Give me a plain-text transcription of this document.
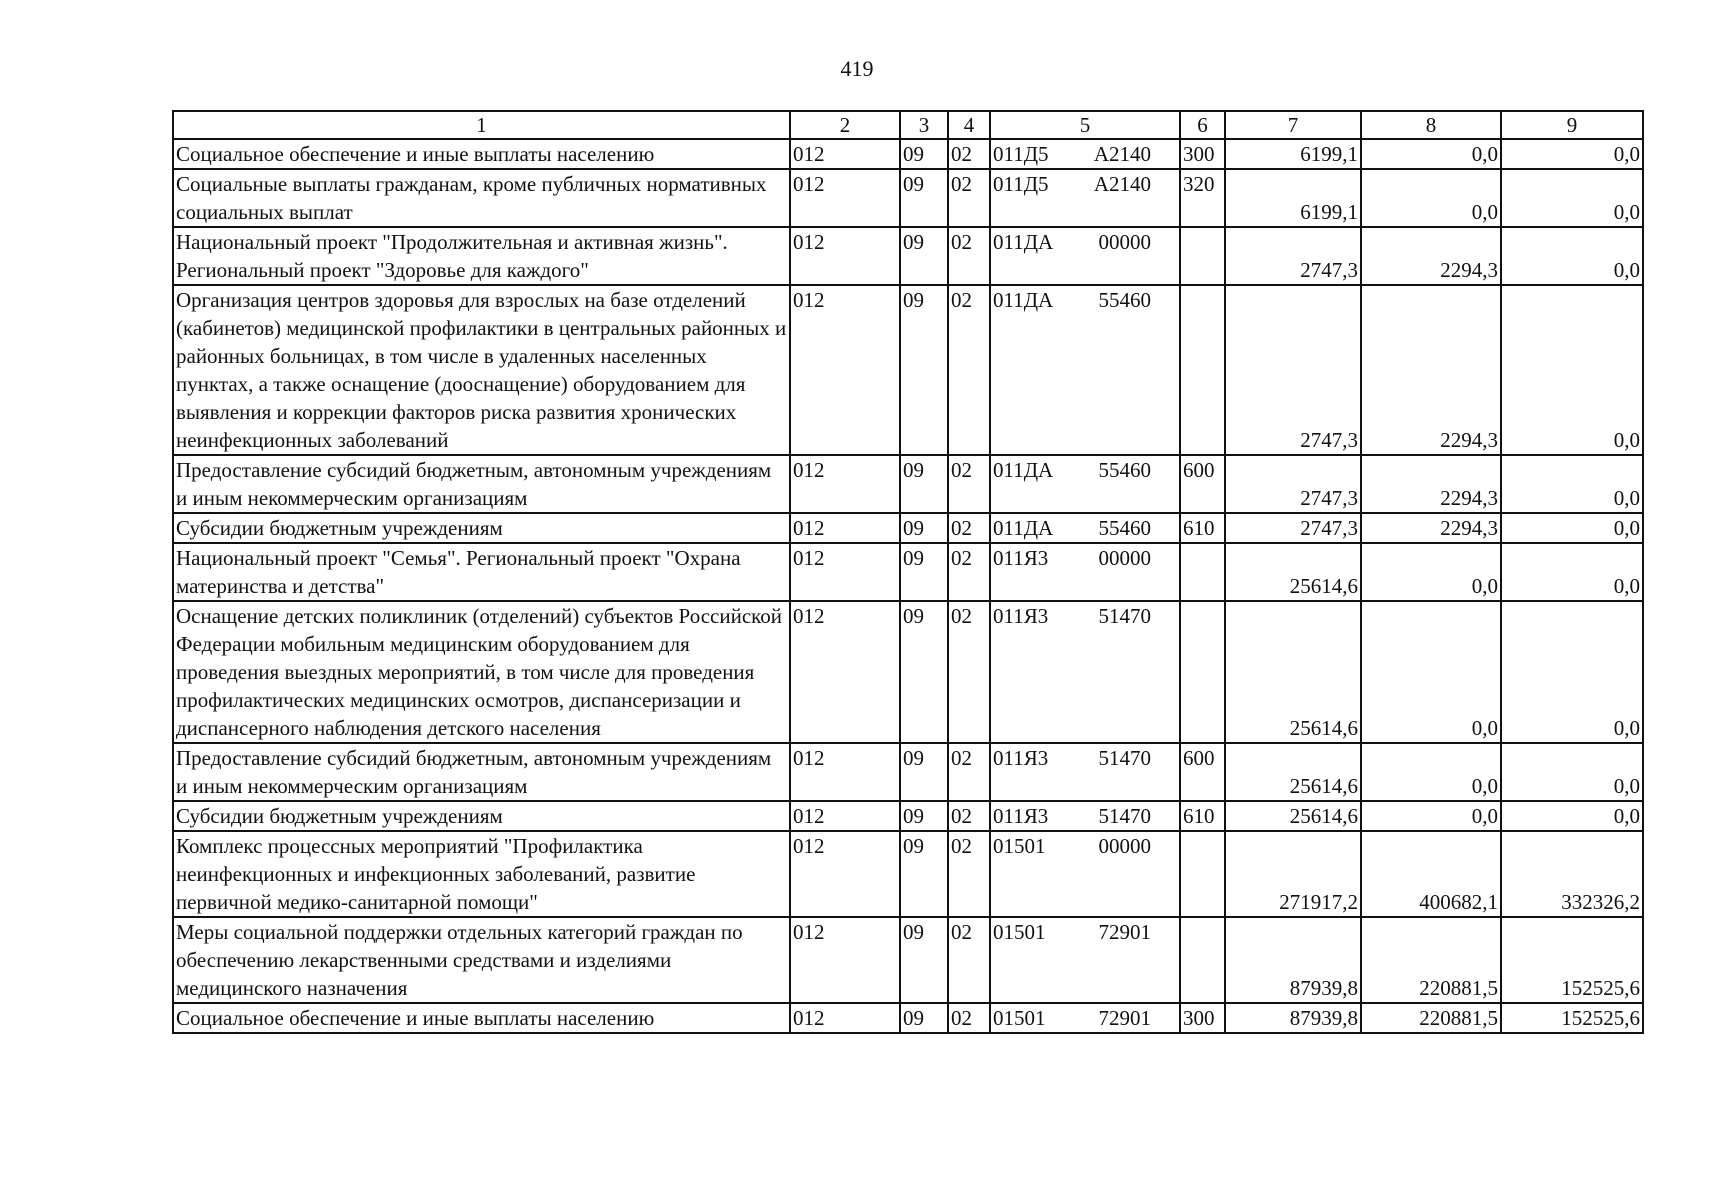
419
1	2	3	4	5	6	7	8	9
Социальное обеспечение и иные выплаты населению	012	09	02	011Д5 А2140	300	6199,1	0,0	0,0
Социальные выплаты гражданам, кроме публичных нормативных социальных выплат	012	09	02	011Д5 А2140	320	6199,1	0,0	0,0
Национальный проект "Продолжительная и активная жизнь". Региональный проект "Здоровье для каждого"	012	09	02	011ДА 00000		2747,3	2294,3	0,0
Организация центров здоровья для взрослых на базе отделений (кабинетов) медицинской профилактики в центральных районных и районных больницах, в том числе в удаленных населенных пунктах, а также оснащение (дооснащение) оборудованием для выявления и коррекции факторов риска развития хронических неинфекционных заболеваний	012	09	02	011ДА 55460		2747,3	2294,3	0,0
Предоставление субсидий бюджетным, автономным учреждениям и иным некоммерческим организациям	012	09	02	011ДА 55460	600	2747,3	2294,3	0,0
Субсидии бюджетным учреждениям	012	09	02	011ДА 55460	610	2747,3	2294,3	0,0
Национальный проект "Семья". Региональный проект "Охрана материнства и детства"	012	09	02	011Я3 00000		25614,6	0,0	0,0
Оснащение детских поликлиник (отделений) субъектов Российской Федерации мобильным медицинским оборудованием для проведения выездных мероприятий, в том числе для проведения профилактических медицинских осмотров, диспансеризации и диспансерного наблюдения детского населения	012	09	02	011Я3 51470		25614,6	0,0	0,0
Предоставление субсидий бюджетным, автономным учреждениям и иным некоммерческим организациям	012	09	02	011Я3 51470	600	25614,6	0,0	0,0
Субсидии бюджетным учреждениям	012	09	02	011Я3 51470	610	25614,6	0,0	0,0
Комплекс процессных мероприятий "Профилактика неинфекционных и инфекционных заболеваний, развитие первичной медико-санитарной помощи"	012	09	02	01501 00000		271917,2	400682,1	332326,2
Меры социальной поддержки отдельных категорий граждан по обеспечению лекарственными средствами и изделиями медицинского назначения	012	09	02	01501 72901		87939,8	220881,5	152525,6
Социальное обеспечение и иные выплаты населению	012	09	02	01501 72901	300	87939,8	220881,5	152525,6
